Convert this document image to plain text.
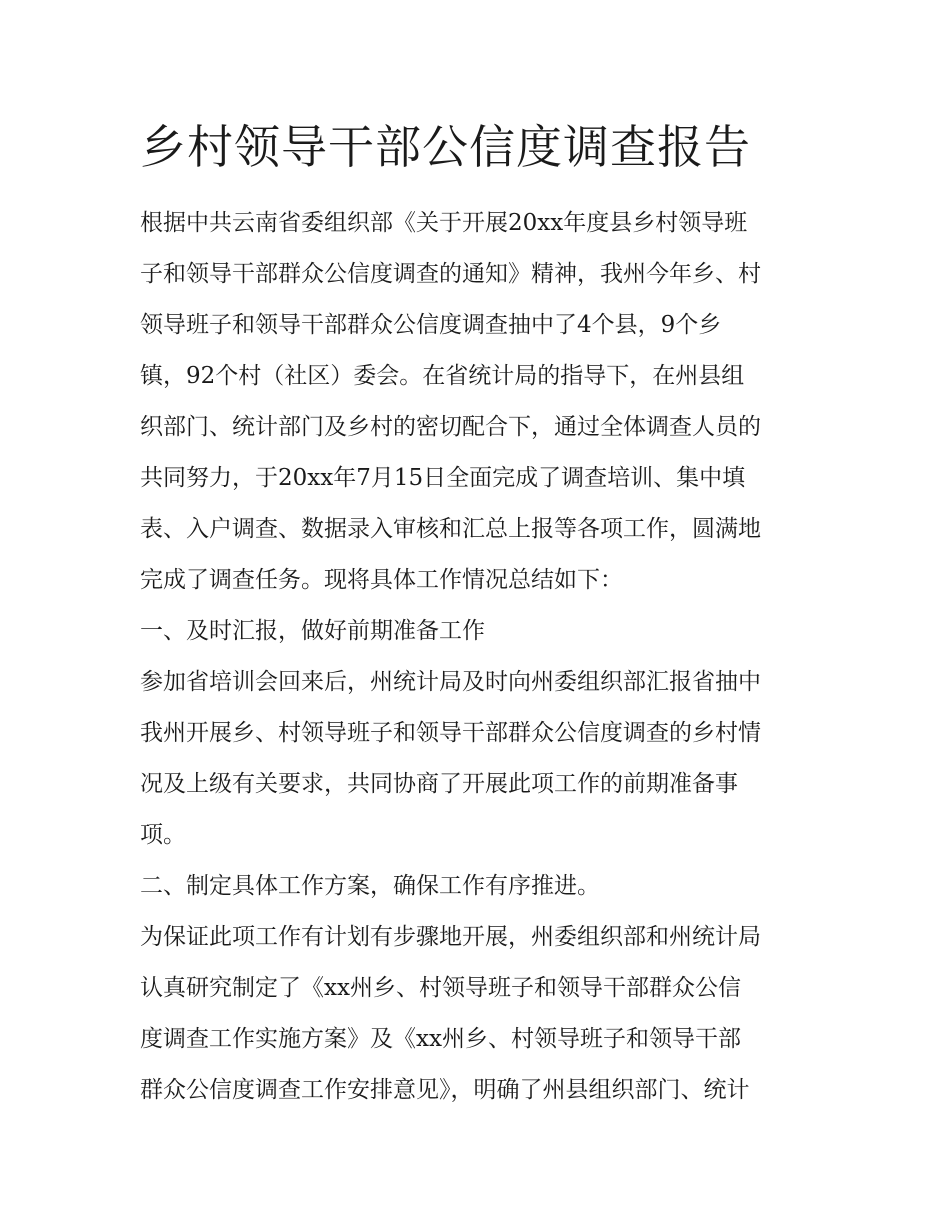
乡村领导干部公信度调查报告

根据中共云南省委组织部《关于开展20xx年度县乡村领导班

子和领导干部群众公信度调查的通知》精神，我州今年乡、村

领导班子和领导干部群众公信度调查抽中了4个县，9个乡

镇，92个村（社区）委会。在省统计局的指导下，在州县组

织部门、统计部门及乡村的密切配合下，通过全体调查人员的

共同努力，于20xx年7月15日全面完成了调查培训、集中填

表、入户调查、数据录入审核和汇总上报等各项工作，圆满地

完成了调查任务。现将具体工作情况总结如下：

一、及时汇报，做好前期准备工作

参加省培训会回来后，州统计局及时向州委组织部汇报省抽中

我州开展乡、村领导班子和领导干部群众公信度调查的乡村情

况及上级有关要求，共同协商了开展此项工作的前期准备事

项。

二、制定具体工作方案，确保工作有序推进。

为保证此项工作有计划有步骤地开展，州委组织部和州统计局

认真研究制定了《xx州乡、村领导班子和领导干部群众公信

度调查工作实施方案》及《xx州乡、村领导班子和领导干部

群众公信度调查工作安排意见》，明确了州县组织部门、统计
